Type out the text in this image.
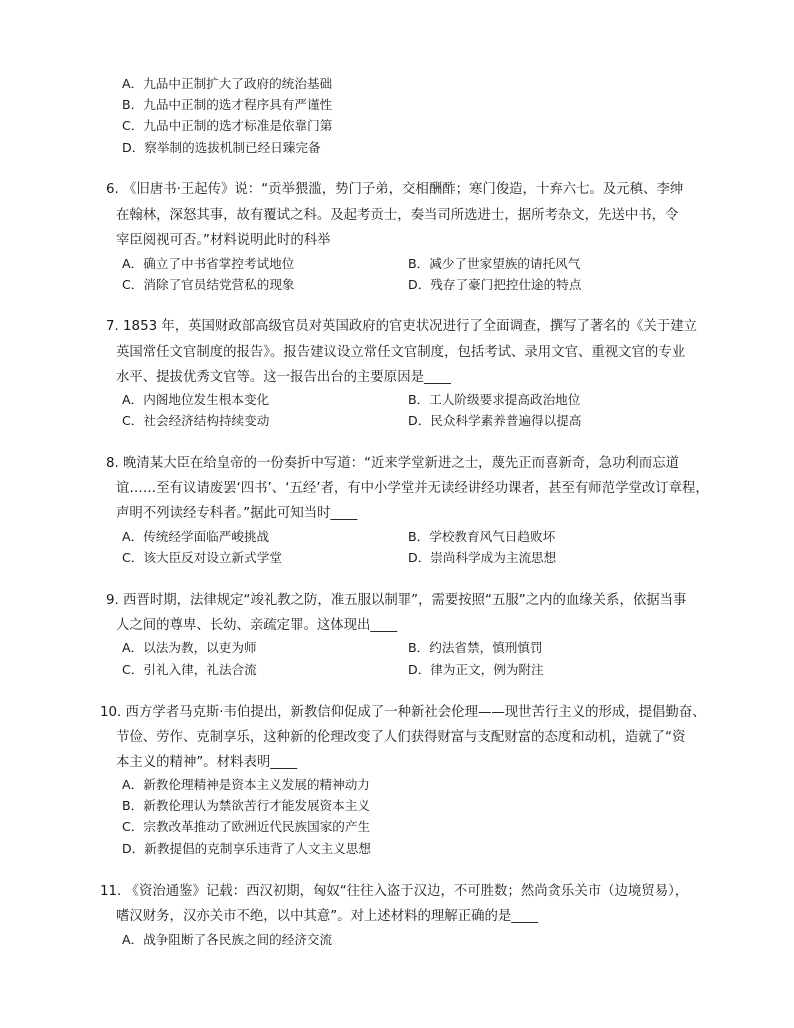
A．九品中正制扩大了政府的统治基础
B．九品中正制的选才程序具有严谨性
C．九品中正制的选才标准是依靠门第
D．察举制的选拔机制已经日臻完备
6. 《旧唐书·王起传》说：“贡举猥滥，势门子弟，交相酬酢；寒门俊造，十弃六七。及元稹、李绅
在翰林，深怒其事，故有覆试之科。及起考贡士，奏当司所选进士，据所考杂文，先送中书，令
宰臣阅视可否。”材料说明此时的科举
A．确立了中书省掌控考试地位	B．减少了世家望族的请托风气
C．消除了官员结党营私的现象	D．残存了豪门把控仕途的特点
7. 1853 年，英国财政部高级官员对英国政府的官吏状况进行了全面调查，撰写了著名的《关于建立
英国常任文官制度的报告》。报告建议设立常任文官制度，包括考试、录用文官、重视文官的专业
水平、提拔优秀文官等。这一报告出台的主要原因是____
A．内阁地位发生根本变化	B．工人阶级要求提高政治地位
C．社会经济结构持续变动	D．民众科学素养普遍得以提高
8. 晚清某大臣在给皇帝的一份奏折中写道：“近来学堂新进之士，蔑先正而喜新奇，急功利而忘道
谊……至有议请废罢‘四书’、‘五经’者，有中小学堂并无读经讲经功课者，甚至有师范学堂改订章程，
声明不列读经专科者。”据此可知当时____
A．传统经学面临严峻挑战	B．学校教育风气日趋败坏
C．该大臣反对设立新式学堂	D．崇尚科学成为主流思想
9. 西晋时期，法律规定“竣礼教之防，准五服以制罪”，需要按照“五服”之内的血缘关系，依据当事
人之间的尊卑、长幼、亲疏定罪。这体现出____
A．以法为教，以吏为师	B．约法省禁，慎刑慎罚
C．引礼入律，礼法合流	D．律为正文，例为附注
10. 西方学者马克斯·韦伯提出，新教信仰促成了一种新社会伦理——现世苦行主义的形成，提倡勤奋、
节俭、劳作、克制享乐，这种新的伦理改变了人们获得财富与支配财富的态度和动机，造就了“资
本主义的精神”。材料表明____
A．新教伦理精神是资本主义发展的精神动力
B．新教伦理认为禁欲苦行才能发展资本主义
C．宗教改革推动了欧洲近代民族国家的产生
D．新教提倡的克制享乐违背了人文主义思想
11. 《资治通鉴》记载：西汉初期，匈奴“往往入盗于汉边，不可胜数；然尚贪乐关市（边境贸易），
嗜汉财务，汉亦关市不绝，以中其意”。对上述材料的理解正确的是____
A．战争阻断了各民族之间的经济交流
